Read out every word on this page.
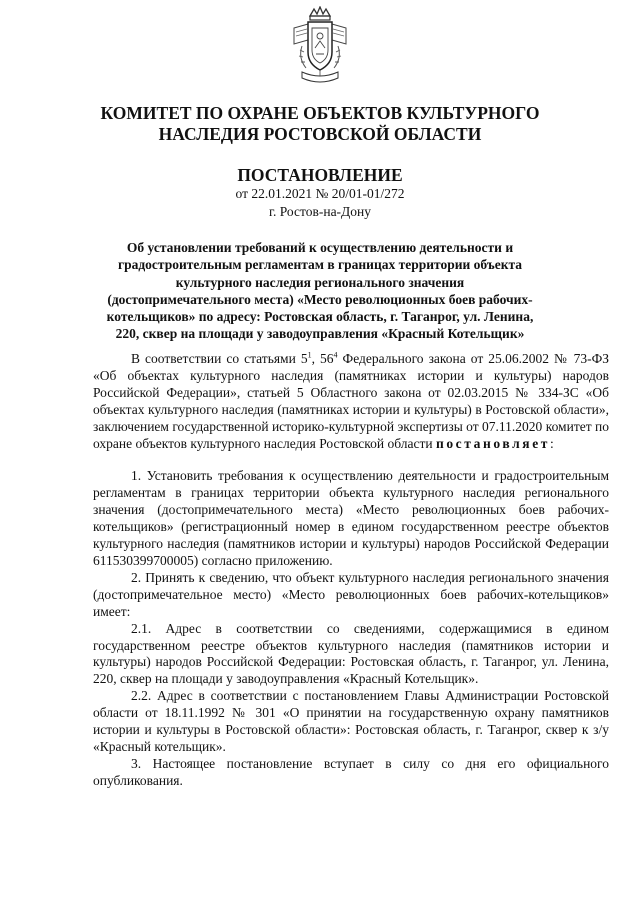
КОМИТЕТ ПО ОХРАНЕ ОБЪЕКТОВ КУЛЬТУРНОГО
НАСЛЕДИЯ РОСТОВСКОЙ ОБЛАСТИ
ПОСТАНОВЛЕНИЕ
от 22.01.2021 № 20/01-01/272
г. Ростов-на-Дону
Об установлении требований к осуществлению деятельности и градостроительным регламентам в границах территории объекта культурного наследия регионального значения (достопримечательного места) «Место революционных боев рабочих-котельщиков» по адресу: Ростовская область, г. Таганрог, ул. Ленина, 220, сквер на площади у заводоуправления «Красный Котельщик»

В соответствии со статьями $5^1$, $56^4$ Федерального закона от 25.06.2002 № 73-ФЗ «Об объектах культурного наследия (памятниках истории и культуры) народов Российской Федерации», статьей 5 Областного закона от 02.03.2015 № 334-ЗС «Об объектах культурного наследия (памятниках истории и культуры) в Ростовской области», заключением государственной историко-культурной экспертизы от 07.11.2020 комитет по охране объектов культурного наследия Ростовской области постановляет:

1. Установить требования к осуществлению деятельности и градостроительным регламентам в границах территории объекта культурного наследия регионального значения (достопримечательного места) «Место революционных боев рабочих-котельщиков» (регистрационный номер в едином государственном реестре объектов культурного наследия (памятников истории и культуры) народов Российской Федерации 611530399700005) согласно приложению.

2. Принять к сведению, что объект культурного наследия регионального значения (достопримечательное место) «Место революционных боев рабочих-котельщиков» имеет:

2.1. Адрес в соответствии со сведениями, содержащимися в едином государственном реестре объектов культурного наследия (памятников истории и культуры) народов Российской Федерации: Ростовская область, г. Таганрог, ул. Ленина, 220, сквер на площади у заводоуправления «Красный Котельщик».

2.2. Адрес в соответствии с постановлением Главы Администрации Ростовской области от 18.11.1992 № 301 «О принятии на государственную охрану памятников истории и культуры в Ростовской области»: Ростовская область, г. Таганрог, сквер к з/у «Красный котельщик».

3. Настоящее постановление вступает в силу со дня его официального опубликования.
